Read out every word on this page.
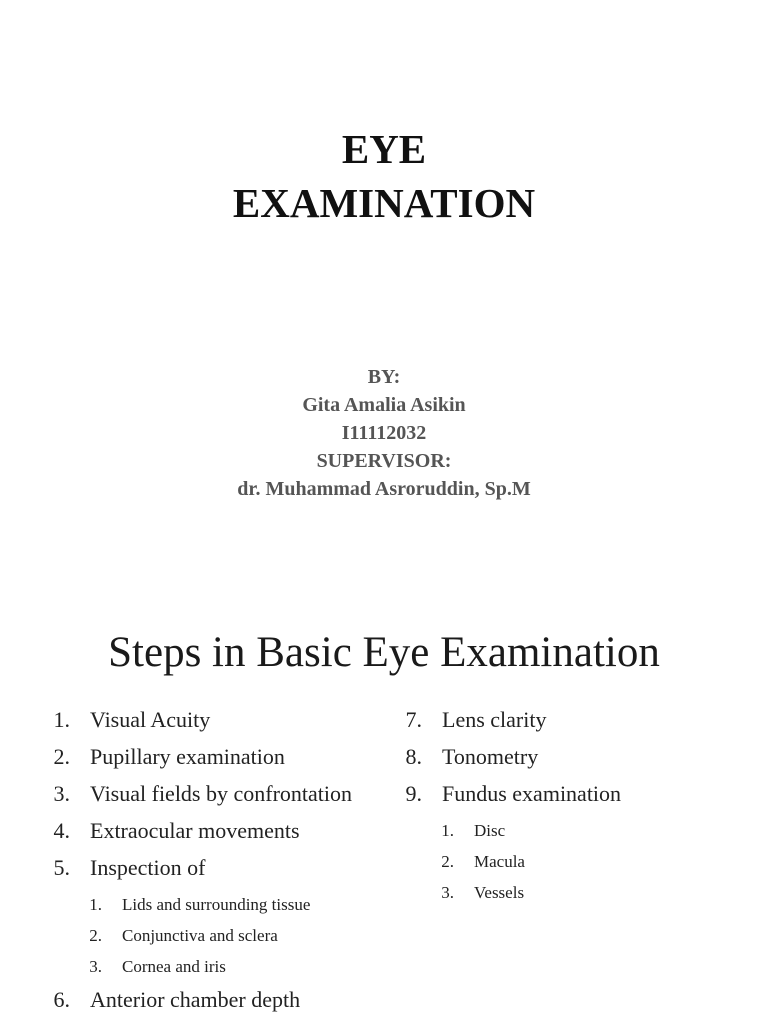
EYE
EXAMINATION
BY:
Gita Amalia Asikin
I11112032
SUPERVISOR:
dr. Muhammad Asroruddin, Sp.M
Steps in Basic Eye Examination
1. Visual Acuity
2. Pupillary examination
3. Visual fields by confrontation
4. Extraocular movements
5. Inspection of
1. Lids and surrounding tissue
2. Conjunctiva and sclera
3. Cornea and iris
6. Anterior chamber depth
7. Lens clarity
8. Tonometry
9. Fundus examination
1. Disc
2. Macula
3. Vessels
